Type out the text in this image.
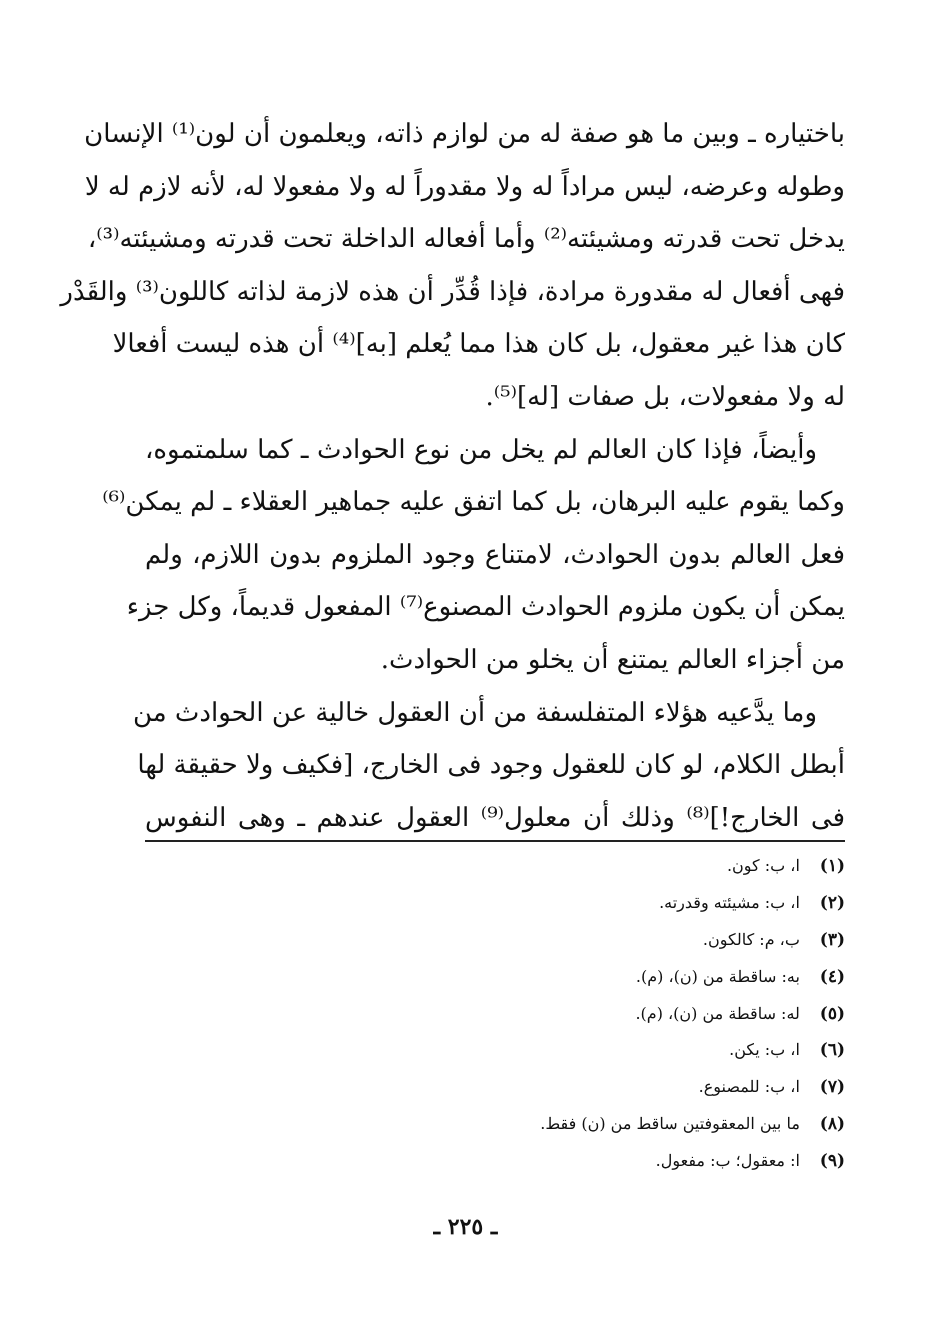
باختياره ـ وبين ما هو صفة له من لوازم ذاته، ويعلمون أن لون⁽¹⁾ الإنسان
وطوله وعرضه، ليس مراداً له ولا مقدوراً له ولا مفعولا له، لأنه لازم له لا
يدخل تحت قدرته ومشيئته⁽²⁾ وأما أفعاله الداخلة تحت قدرته ومشيئته⁽³⁾،
فهى أفعال له مقدورة مرادة، فإذا قُدِّر أن هذه لازمة لذاته كاللون⁽³⁾ والقَدْر
كان هذا غير معقول، بل كان هذا مما يُعلم [به]⁽⁴⁾ أن هذه ليست أفعالا
له ولا مفعولات، بل صفات [له]⁽⁵⁾.
وأيضاً، فإذا كان العالم لم يخل من نوع الحوادث ـ كما سلمتموه،
وكما يقوم عليه البرهان، بل كما اتفق عليه جماهير العقلاء ـ لم يمكن⁽⁶⁾
فعل العالم بدون الحوادث، لامتناع وجود الملزوم بدون اللازم، ولم
يمكن أن يكون ملزوم الحوادث المصنوع⁽⁷⁾ المفعول قديماً، وكل جزء
من أجزاء العالم يمتنع أن يخلو من الحوادث.
وما يدَّعيه هؤلاء المتفلسفة من أن العقول خالية عن الحوادث من
أبطل الكلام، لو كان للعقول وجود فى الخارج، [فكيف ولا حقيقة لها
فى الخارج!]⁽⁸⁾ وذلك أن معلول⁽⁹⁾ العقول عندهم ـ وهى النفوس
(١) ا، ب: كون.
(٢) ا، ب: مشيئته وقدرته.
(٣) ب، م: كالكون.
(٤) به: ساقطة من (ن)، (م).
(٥) له: ساقطة من (ن)، (م).
(٦) ا، ب: يكن.
(٧) ا، ب: للمصنوع.
(٨) ما بين المعقوفتين ساقط من (ن) فقط.
(٩) ا: معقول؛ ب: مفعول.
ـ ٢٢٥ ـ
